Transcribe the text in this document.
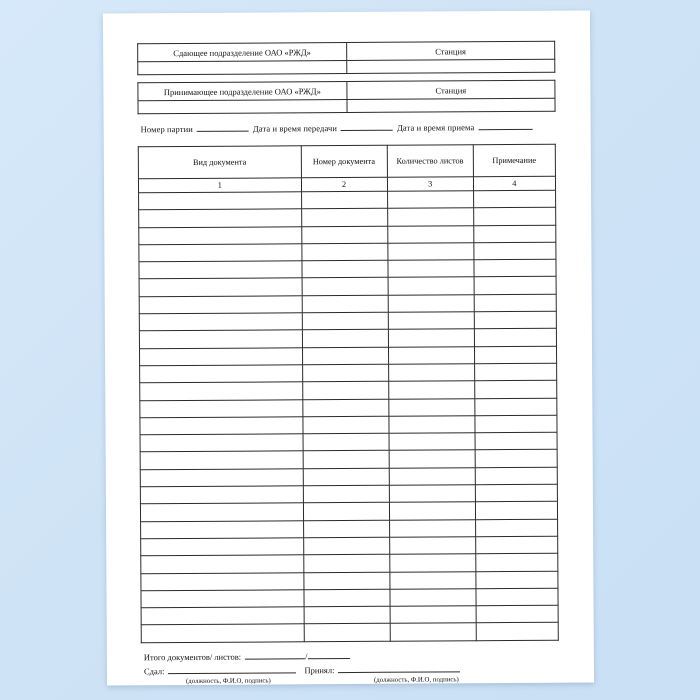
Сдающее подразделение ОАО «РЖД»	Станция

Принимающее подразделение ОАО «РЖД»	Станция

Номер партии	Дата и время передачи	Дата и время приема
Вид документа	Номер документа	Количество листов	Примечание
1	2	3	4

Итого документов/ листов:	/
Сдал:	Принял:
(должность, Ф.И.О, подпись)	(должность, Ф.И.О, подпись)
